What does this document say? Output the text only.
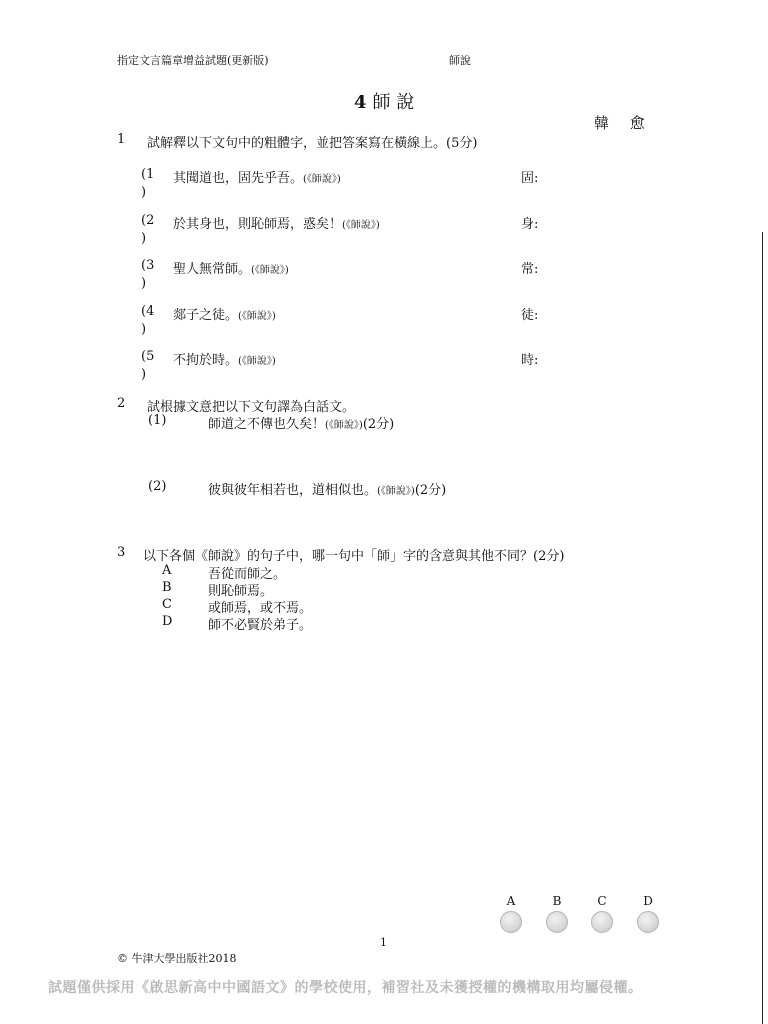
指定文言篇章增益試題(更新版)	師說
4 師 說
韓 愈
1 試解釋以下文句中的粗體字，並把答案寫在橫線上。(5分)
(1
)
其聞道也，固先乎吾。(《師說》)	固:
(2
)
於其身也，則恥師焉，惑矣！(《師說》)	身:
(3
)
聖人無常師。(《師說》)	常:
(4
)
郯子之徒。(《師說》)	徒:
(5
)
不拘於時。(《師說》)	時:
2 試根據文意把以下文句譯為白話文。
(1)	師道之不傳也久矣！(《師說》)(2分)
(2)	彼與彼年相若也，道相似也。(《師說》)(2分)
3 以下各個《師說》的句子中，哪一句中「師」字的含意與其他不同？(2分)
A	吾從而師之。
B	則恥師焉。
C	或師焉，或不焉。
D	師不必賢於弟子。
A	B	C	D
1
© 牛津大學出版社2018
試題僅供採用《啟思新高中中國語文》的學校使用，補習社及未獲授權的機構取用均屬侵權。
